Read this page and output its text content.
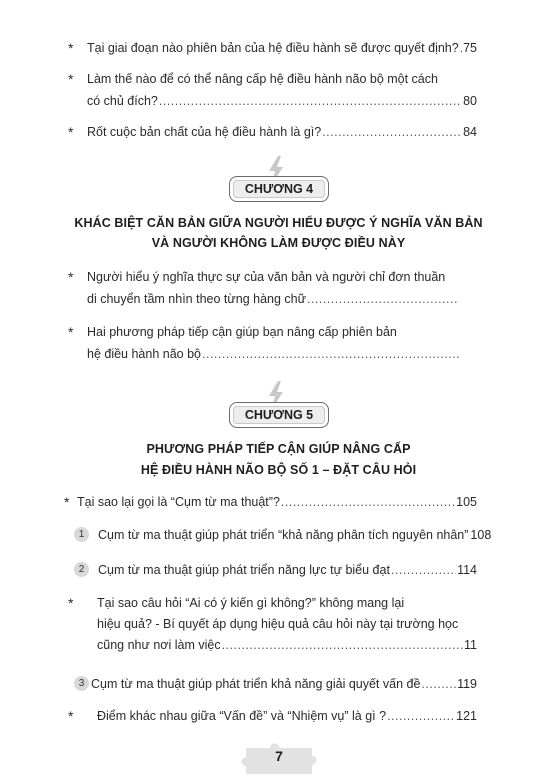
* Tại giai đoạn nào phiên bản của hệ điều hành sẽ được quyết định? ..... 75
* Làm thế nào để có thể nâng cấp hệ điều hành não bộ một cách
có chủ đích? .....	80
* Rốt cuộc bản chất của hệ điều hành là gì? .....	84
CHƯƠNG 4
KHÁC BIỆT CĂN BẢN GIỮA NGƯỜI HIỂU ĐƯỢC Ý NGHĨA VĂN BẢN
VÀ NGƯỜI KHÔNG LÀM ĐƯỢC ĐIỀU NÀY
* Người hiểu ý nghĩa thực sự của văn bản và người chỉ đơn thuần
di chuyển tầm nhìn theo từng hàng chữ
.....
* Hai phương pháp tiếp cận giúp bạn nâng cấp phiên bản
hệ điều hành não bộ
.....
CHƯƠNG 5
PHƯƠNG PHÁP TIẾP CẬN GIÚP NÂNG CẤP
HỆ ĐIỀU HÀNH NÃO BỘ SỐ 1 – ĐẶT CÂU HỎI
* Tại sao lại gọi là “Cụm từ ma thuật”? .....	105
1	Cụm từ ma thuật giúp phát triển “khả năng phân tích nguyên nhân” 108
2	Cụm từ ma thuật giúp phát triển năng lực tự biểu đạt .....	114
* Tại sao câu hỏi “Ai có ý kiến gì không?” không mang lại
hiệu quả? - Bí quyết áp dụng hiệu quả câu hỏi này tại trường học
cũng như nơi làm việc .....	11
3 Cụm từ ma thuật giúp phát triển khả năng giải quyết vấn đề .....	119
* Điểm khác nhau giữa “Vấn đề” và “Nhiệm vụ” là gì ? .....	121
7
